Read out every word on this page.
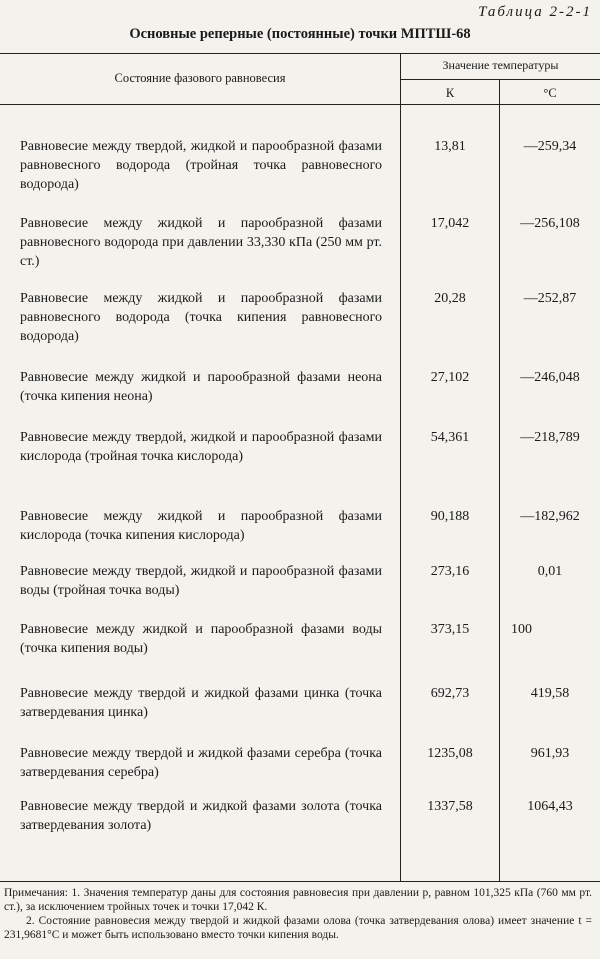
Таблица 2-2-1
Основные реперные (постоянные) точки МПТШ-68
Состояние фазового равновесия
Значение температуры
К	°С
Равновесие между твердой, жидкой и парообразной фазами равновесного водорода (тройная точка равновесного водорода)
13,81	—259,34
Равновесие между жидкой и парообразной фазами равновесного водорода при давлении 33,330 кПа (250 мм рт. ст.)
17,042	—256,108
Равновесие между жидкой и парообразной фазами равновесного водорода (точка кипения равновесного водорода)
20,28	—252,87
Равновесие между жидкой и парообразной фазами неона (точка кипения неона)
27,102	—246,048
Равновесие между твердой, жидкой и парообразной фазами кислорода (тройная точка кислорода)
54,361	—218,789
Равновесие между жидкой и парообразной фазами кислорода (точка кипения кислорода)
90,188	—182,962
Равновесие между твердой, жидкой и парообразной фазами воды (тройная точка воды)
273,16	0,01
Равновесие между жидкой и парообразной фазами воды (точка кипения воды)
373,15	100
Равновесие между твердой и жидкой фазами цинка (точка затвердевания цинка)
692,73	419,58
Равновесие между твердой и жидкой фазами серебра (точка затвердевания серебра)
1235,08	961,93
Равновесие между твердой и жидкой фазами золота (точка затвердевания золота)
1337,58	1064,43

Примечания: 1. Значения температур даны для состояния равновесия при давлении p, равном 101,325 кПа (760 мм рт. ст.), за исключением тройных точек и точки 17,042 К.

2. Состояние равновесия между твердой и жидкой фазами олова (точка затвердевания олова) имеет значение t = 231,9681°С и может быть использовано вместо точки кипения воды.
